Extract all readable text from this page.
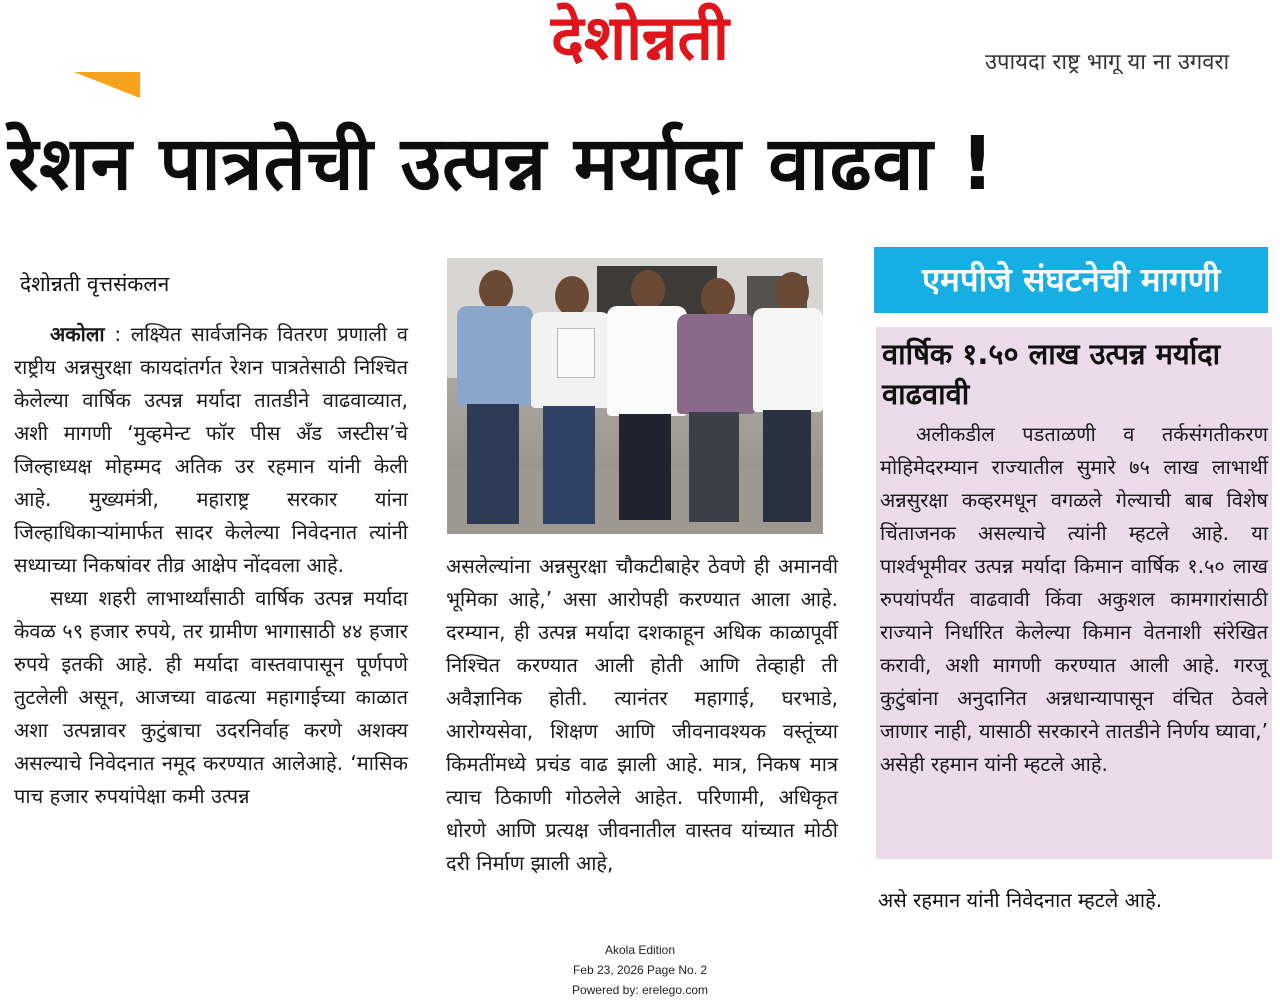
देशोन्नती	उपायदा राष्ट्र भागू या ना उगवरा
रेशन पात्रतेची उत्पन्न मर्यादा वाढवा !
देशोन्नती वृत्तसंकलन

अकोला : लक्ष्यित सार्वजनिक वितरण प्रणाली व राष्ट्रीय अन्नसुरक्षा कायदांतर्गत रेशन पात्रतेसाठी निश्चित केलेल्या वार्षिक उत्पन्न मर्यादा तातडीने वाढवाव्यात, अशी मागणी ‘मुव्हमेन्ट फॉर पीस अँड जस्टीस’चे जिल्हाध्यक्ष मोहम्मद अतिक उर रहमान यांनी केली आहे. मुख्यमंत्री, महाराष्ट्र सरकार यांना जिल्हाधिकाऱ्यांमार्फत सादर केलेल्या निवेदनात त्यांनी सध्याच्या निकषांवर तीव्र आक्षेप नोंदवला आहे.

सध्या शहरी लाभार्थ्यांसाठी वार्षिक उत्पन्न मर्यादा केवळ ५९ हजार रुपये, तर ग्रामीण भागासाठी ४४ हजार रुपये इतकी आहे. ही मर्यादा वास्तवापासून पूर्णपणे तुटलेली असून, आजच्या वाढत्या महागाईच्या काळात अशा उत्पन्नावर कुटुंबाचा उदरनिर्वाह करणे अशक्य असल्याचे निवेदनात नमूद करण्यात आलेआहे. ‘मासिक पाच हजार रुपयांपेक्षा कमी उत्पन्न

असलेल्यांना अन्नसुरक्षा चौकटीबाहेर ठेवणे ही अमानवी भूमिका आहे,’ असा आरोपही करण्यात आला आहे. दरम्यान, ही उत्पन्न मर्यादा दशकाहून अधिक काळापूर्वी निश्चित करण्यात आली होती आणि तेव्हाही ती अवैज्ञानिक होती. त्यानंतर महागाई, घरभाडे, आरोग्यसेवा, शिक्षण आणि जीवनावश्यक वस्तूंच्या किमतींमध्ये प्रचंड वाढ झाली आहे. मात्र, निकष मात्र त्याच ठिकाणी गोठलेले आहेत. परिणामी, अधिकृत धोरणे आणि प्रत्यक्ष जीवनातील वास्तव यांच्यात मोठी दरी निर्माण झाली आहे,

एमपीजे संघटनेची मागणी
वार्षिक १.५० लाख उत्पन्न मर्यादा वाढवावी

अलीकडील पडताळणी व तर्कसंगतीकरण मोहिमेदरम्यान राज्यातील सुमारे ७५ लाख लाभार्थी अन्नसुरक्षा कव्हरमधून वगळले गेल्याची बाब विशेष चिंताजनक असल्याचे त्यांनी म्हटले आहे. या पार्श्वभूमीवर उत्पन्न मर्यादा किमान वार्षिक १.५० लाख रुपयांपर्यंत वाढवावी किंवा अकुशल कामगारांसाठी राज्याने निर्धारित केलेल्या किमान वेतनाशी संरेखित करावी, अशी मागणी करण्यात आली आहे. गरजू कुटुंबांना अनुदानित अन्नधान्यापासून वंचित ठेवले जाणार नाही, यासाठी सरकारने तातडीने निर्णय घ्यावा,’ असेही रहमान यांनी म्हटले आहे.

असे रहमान यांनी निवेदनात म्हटले आहे.
Akola Edition
Feb 23, 2026 Page No. 2
Powered by: erelego.com
